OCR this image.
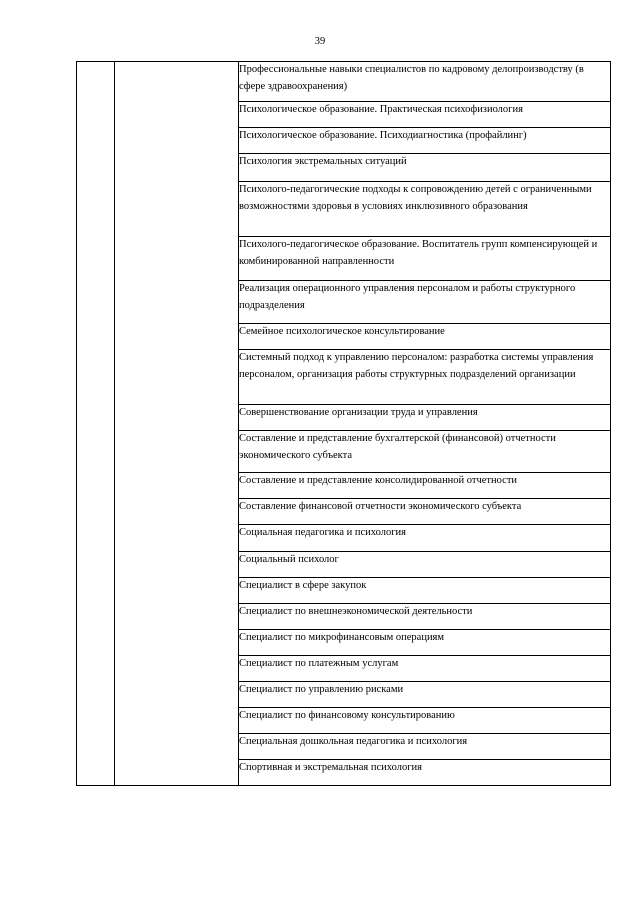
39

Профессиональные навыки специалистов по кадровому делопроизводству (в сфере здравоохранения)

Психологическое образование. Практическая психофизиология

Психологическое образование. Психодиагностика (профайлинг)

Психология экстремальных ситуаций

Психолого-педагогические подходы к сопровождению детей с ограниченными возможностями здоровья в условиях инклюзивного образования

Психолого-педагогическое образование. Воспитатель групп компенсирующей и комбинированной направленности

Реализация операционного управления персоналом и работы структурного подразделения

Семейное психологическое консультирование

Системный подход к управлению персоналом: разработка системы управления персоналом, организация работы структурных подразделений организации

Совершенствование организации труда и управления

Составление и представление бухгалтерской (финансовой) отчетности экономического субъекта

Составление и представление консолидированной отчетности

Составление финансовой отчетности экономического субъекта

Социальная педагогика и психология

Социальный психолог

Специалист в сфере закупок

Специалист по внешнеэкономической деятельности

Специалист по микрофинансовым операциям

Специалист по платежным услугам

Специалист по управлению рисками

Специалист по финансовому консультированию

Специальная дошкольная педагогика и психология

Спортивная и экстремальная психология
